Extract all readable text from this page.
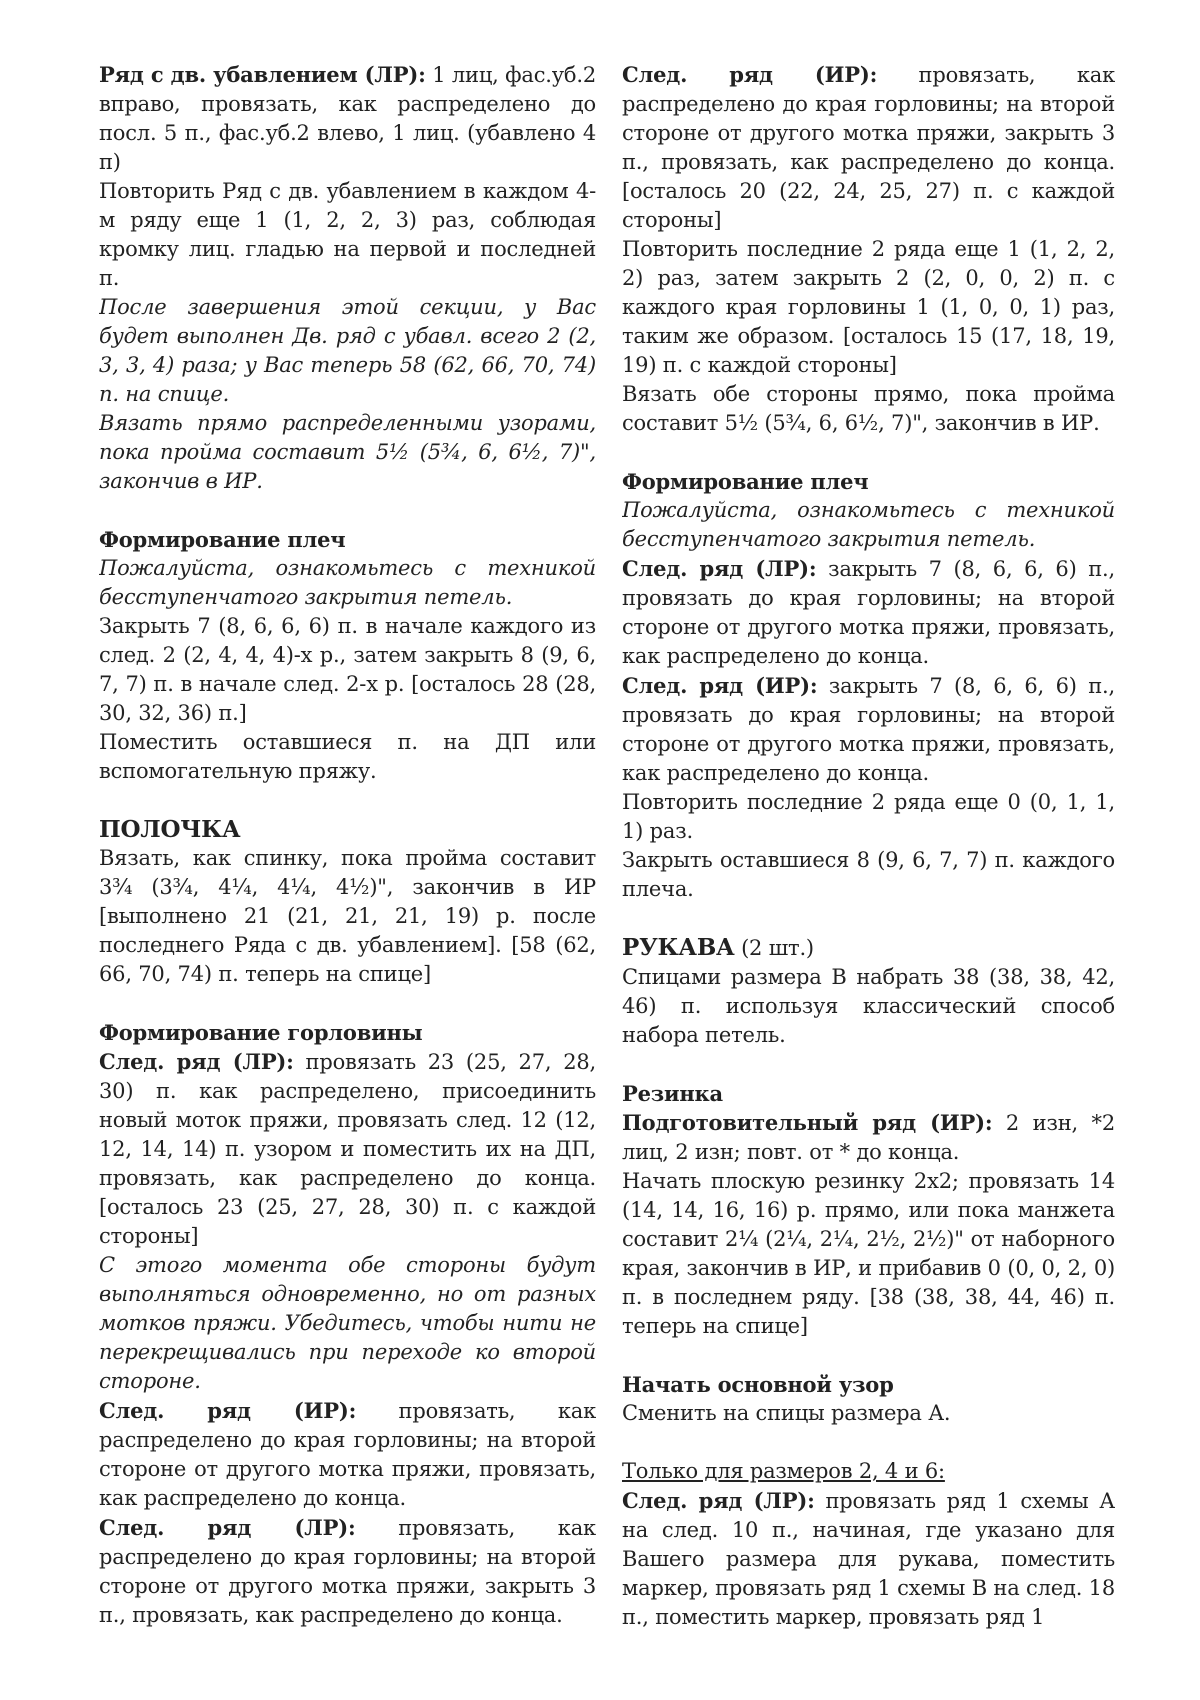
Ряд с дв. убавлением (ЛР): 1 лиц, фас.уб.2 вправо, провязать, как распределено до посл. 5 п., фас.уб.2 влево, 1 лиц. (убавлено 4 п)

Повторить Ряд с дв. убавлением в каждом 4-м ряду еще 1 (1, 2, 2, 3) раз, соблюдая кромку лиц. гладью на первой и последней п.

После завершения этой секции, у Вас будет выполнен Дв. ряд с убавл. всего 2 (2, 3, 3, 4) раза; у Вас теперь 58 (62, 66, 70, 74) п. на спице.

Вязать прямо распределенными узорами, пока пройма составит 5½ (5¾, 6, 6½, 7)", закончив в ИР.

Формирование плеч

Пожалуйста, ознакомьтесь с техникой бесступенчатого закрытия петель.

Закрыть 7 (8, 6, 6, 6) п. в начале каждого из след. 2 (2, 4, 4, 4)-х р., затем закрыть 8 (9, 6, 7, 7) п. в начале след. 2-х р. [осталось 28 (28, 30, 32, 36) п.]

Поместить оставшиеся п. на ДП или вспомогательную пряжу.

ПОЛОЧКА

Вязать, как спинку, пока пройма составит 3¾ (3¾, 4¼, 4¼, 4½)", закончив в ИР [выполнено 21 (21, 21, 21, 19) р. после последнего Ряда с дв. убавлением]. [58 (62, 66, 70, 74) п. теперь на спице]

Формирование горловины

След. ряд (ЛР): провязать 23 (25, 27, 28, 30) п. как распределено, присоединить новый моток пряжи, провязать след. 12 (12, 12, 14, 14) п. узором и поместить их на ДП, провязать, как распределено до конца. [осталось 23 (25, 27, 28, 30) п. с каждой стороны]

С этого момента обе стороны будут выполняться одновременно, но от разных мотков пряжи. Убедитесь, чтобы нити не перекрещивались при переходе ко второй стороне.

След. ряд (ИР): провязать, как распределено до края горловины; на второй стороне от другого мотка пряжи, провязать, как распределено до конца.

След. ряд (ЛР): провязать, как распределено до края горловины; на второй стороне от другого мотка пряжи, закрыть 3 п., провязать, как распределено до конца.

След. ряд (ИР): провязать, как распределено до края горловины; на второй стороне от другого мотка пряжи, закрыть 3 п., провязать, как распределено до конца. [осталось 20 (22, 24, 25, 27) п. с каждой стороны]

Повторить последние 2 ряда еще 1 (1, 2, 2, 2) раз, затем закрыть 2 (2, 0, 0, 2) п. с каждого края горловины 1 (1, 0, 0, 1) раз, таким же образом. [осталось 15 (17, 18, 19, 19) п. с каждой стороны]

Вязать обе стороны прямо, пока пройма составит 5½ (5¾, 6, 6½, 7)", закончив в ИР.

Формирование плеч

Пожалуйста, ознакомьтесь с техникой бесступенчатого закрытия петель.

След. ряд (ЛР): закрыть 7 (8, 6, 6, 6) п., провязать до края горловины; на второй стороне от другого мотка пряжи, провязать, как распределено до конца.

След. ряд (ИР): закрыть 7 (8, 6, 6, 6) п., провязать до края горловины; на второй стороне от другого мотка пряжи, провязать, как распределено до конца.

Повторить последние 2 ряда еще 0 (0, 1, 1, 1) раз.

Закрыть оставшиеся 8 (9, 6, 7, 7) п. каждого плеча.

РУКАВА (2 шт.)

Спицами размера В набрать 38 (38, 38, 42, 46) п. используя классический способ набора петель.

Резинка

Подготовительный ряд (ИР): 2 изн, *2 лиц, 2 изн; повт. от * до конца.

Начать плоскую резинку 2х2; провязать 14 (14, 14, 16, 16) р. прямо, или пока манжета составит 2¼ (2¼, 2¼, 2½, 2½)" от наборного края, закончив в ИР, и прибавив 0 (0, 0, 2, 0) п. в последнем ряду. [38 (38, 38, 44, 46) п. теперь на спице]

Начать основной узор

Сменить на спицы размера А.

Только для размеров 2, 4 и 6:

След. ряд (ЛР): провязать ряд 1 схемы А на след. 10 п., начиная, где указано для Вашего размера для рукава, поместить маркер, провязать ряд 1 схемы В на след. 18 п., поместить маркер, провязать ряд 1
